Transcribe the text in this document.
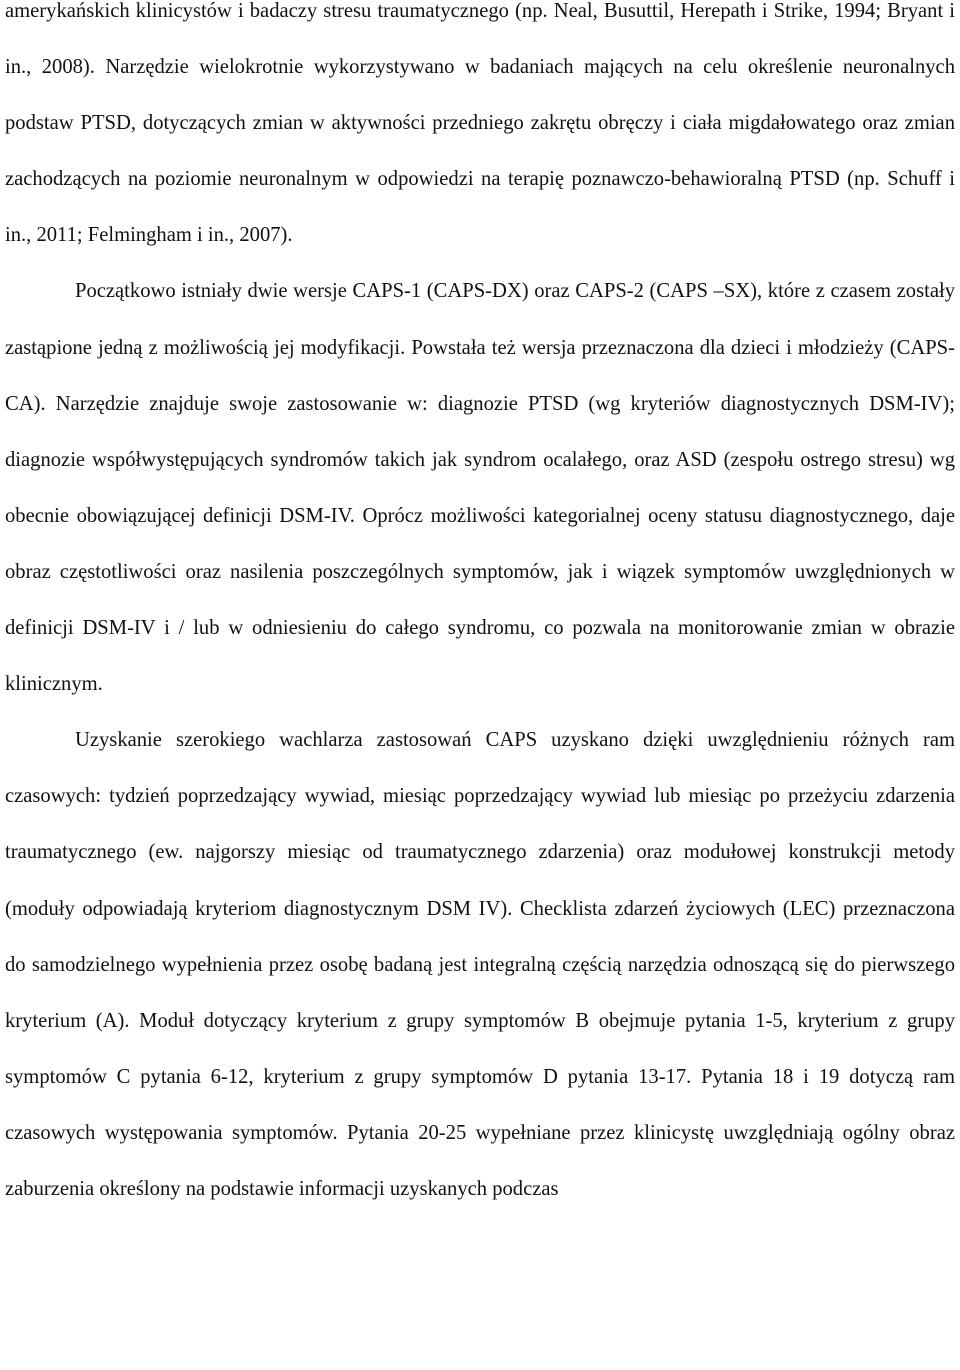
amerykańskich klinicystów i badaczy stresu traumatycznego (np. Neal, Busuttil, Herepath i Strike, 1994; Bryant i in., 2008). Narzędzie wielokrotnie wykorzystywano w badaniach mających na celu określenie neuronalnych podstaw PTSD, dotyczących zmian w aktywności przedniego zakrętu obręczy i ciała migdałowatego oraz zmian zachodzących na poziomie neuronalnym w odpowiedzi na terapię poznawczo-behawioralną PTSD (np. Schuff i in., 2011; Felmingham i in., 2007).

Początkowo istniały dwie wersje CAPS-1 (CAPS-DX) oraz CAPS-2 (CAPS –SX), które z czasem zostały zastąpione jedną z możliwością jej modyfikacji. Powstała też wersja przeznaczona dla dzieci i młodzieży (CAPS-CA). Narzędzie znajduje swoje zastosowanie w: diagnozie PTSD (wg kryteriów diagnostycznych DSM-IV); diagnozie współwystępujących syndromów takich jak syndrom ocalałego, oraz ASD (zespołu ostrego stresu) wg obecnie obowiązującej definicji DSM-IV. Oprócz możliwości kategorialnej oceny statusu diagnostycznego, daje obraz częstotliwości oraz nasilenia poszczególnych symptomów, jak i wiązek symptomów uwzględnionych w definicji DSM-IV i / lub w odniesieniu do całego syndromu, co pozwala na monitorowanie zmian w obrazie klinicznym.

Uzyskanie szerokiego wachlarza zastosowań CAPS uzyskano dzięki uwzględnieniu różnych ram czasowych: tydzień poprzedzający wywiad, miesiąc poprzedzający wywiad lub miesiąc po przeżyciu zdarzenia traumatycznego (ew. najgorszy miesiąc od traumatycznego zdarzenia) oraz modułowej konstrukcji metody (moduły odpowiadają kryteriom diagnostycznym DSM IV). Checklista zdarzeń życiowych (LEC) przeznaczona do samodzielnego wypełnienia przez osobę badaną jest integralną częścią narzędzia odnoszącą się do pierwszego kryterium (A). Moduł dotyczący kryterium z grupy symptomów B obejmuje pytania 1-5, kryterium z grupy symptomów C pytania 6-12, kryterium z grupy symptomów D pytania 13-17. Pytania 18 i 19 dotyczą ram czasowych występowania symptomów. Pytania 20-25 wypełniane przez klinicystę uwzględniają ogólny obraz zaburzenia określony na podstawie informacji uzyskanych podczas
